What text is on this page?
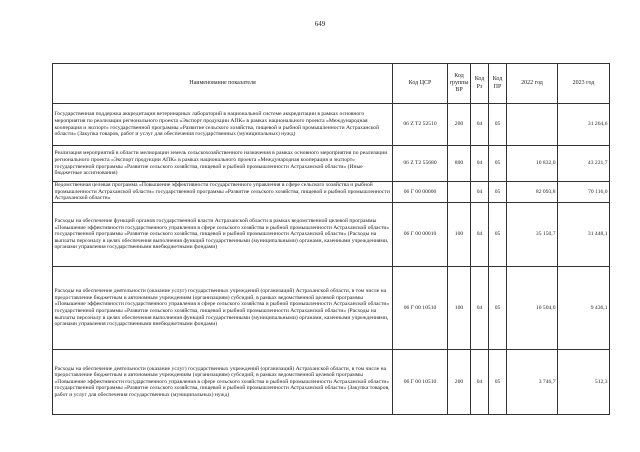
649
Наименование показателя	Код ЦСР	Код группы ВР	Код Рз	Код ПР	2022 год	2023 год
Государственная поддержка аккредитации ветеринарных лабораторий в национальной системе аккредитации в рамках основного мероприятия по реализации регионального проекта «Экспорт продукции АПК» в рамках национального проекта «Международная кооперация и экспорт» государственной программы «Развитие сельского хозяйства, пищевой и рыбной промышленности Астраханской области» (Закупка товаров, работ и услуг для обеспечения государственных (муниципальных) нужд)	06 Z T2 52510	200	04	05		31 264,6
Реализация мероприятий в области мелиорации земель сельскохозяйственного назначения в рамках основного мероприятия по реализации регионального проекта «Экспорт продукции АПК» в рамках национального проекта «Международная кооперация и экспорт» государственной программы «Развитие сельского хозяйства, пищевой и рыбной промышленности Астраханской области» (Иные бюджетные ассигнования)	06 Z T2 55680	800	04	05	10 832,0	43 221,7
Ведомственная целевая программа «Повышение эффективности государственного управления в сфере сельского хозяйства и рыбной промышленности Астраханской области» государственной программы «Развитие сельского хозяйства, пищевой и рыбной промышленности Астраханской области»	06 Г 00 00000		04	05	82 093,8	70 116,0
Расходы на обеспечение функций органов государственной власти Астраханской области в рамках ведомственной целевой программы «Повышение эффективности государственного управления в сфере сельского хозяйства и рыбной промышленности Астраханской области» государственной программы «Развитие сельского хозяйства, пищевой и рыбной промышленности Астраханской области» (Расходы на выплаты персоналу в целях обеспечения выполнения функций государственными (муниципальными) органами, казенными учреждениями, органами управления государственными внебюджетными фондами)	06 Г 00 00010	100	04	05	35 150,7	31 448,1
Расходы на обеспечение деятельности (оказание услуг) государственных учреждений (организаций) Астраханской области, в том числе на предоставление бюджетным и автономным учреждениям (организациям) субсидий, в рамках ведомственной целевой программы «Повышение эффективности государственного управления в сфере сельского хозяйства и рыбной промышленности Астраханской области» государственной программы «Развитие сельского хозяйства, пищевой и рыбной промышленности Астраханской области» (Расходы на выплаты персоналу в целях обеспечения выполнения функций государственными (муниципальными) органами, казенными учреждениями, органами управления государственными внебюджетными фондами)	06 Г 00 10510	100	04	05	10 504,0	9 436,1
Расходы на обеспечение деятельности (оказание услуг) государственных учреждений (организаций) Астраханской области, в том числе на предоставление бюджетным и автономным учреждениям (организациям) субсидий, в рамках ведомственной целевой программы «Повышение эффективности государственного управления в сфере сельского хозяйства и рыбной промышленности Астраханской области» государственной программы «Развитие сельского хозяйства, пищевой и рыбной промышленности Астраханской области» (Закупка товаров, работ и услуг для обеспечения государственных (муниципальных) нужд)	06 Г 00 10510	200	04	05	3 746,7	512,3
